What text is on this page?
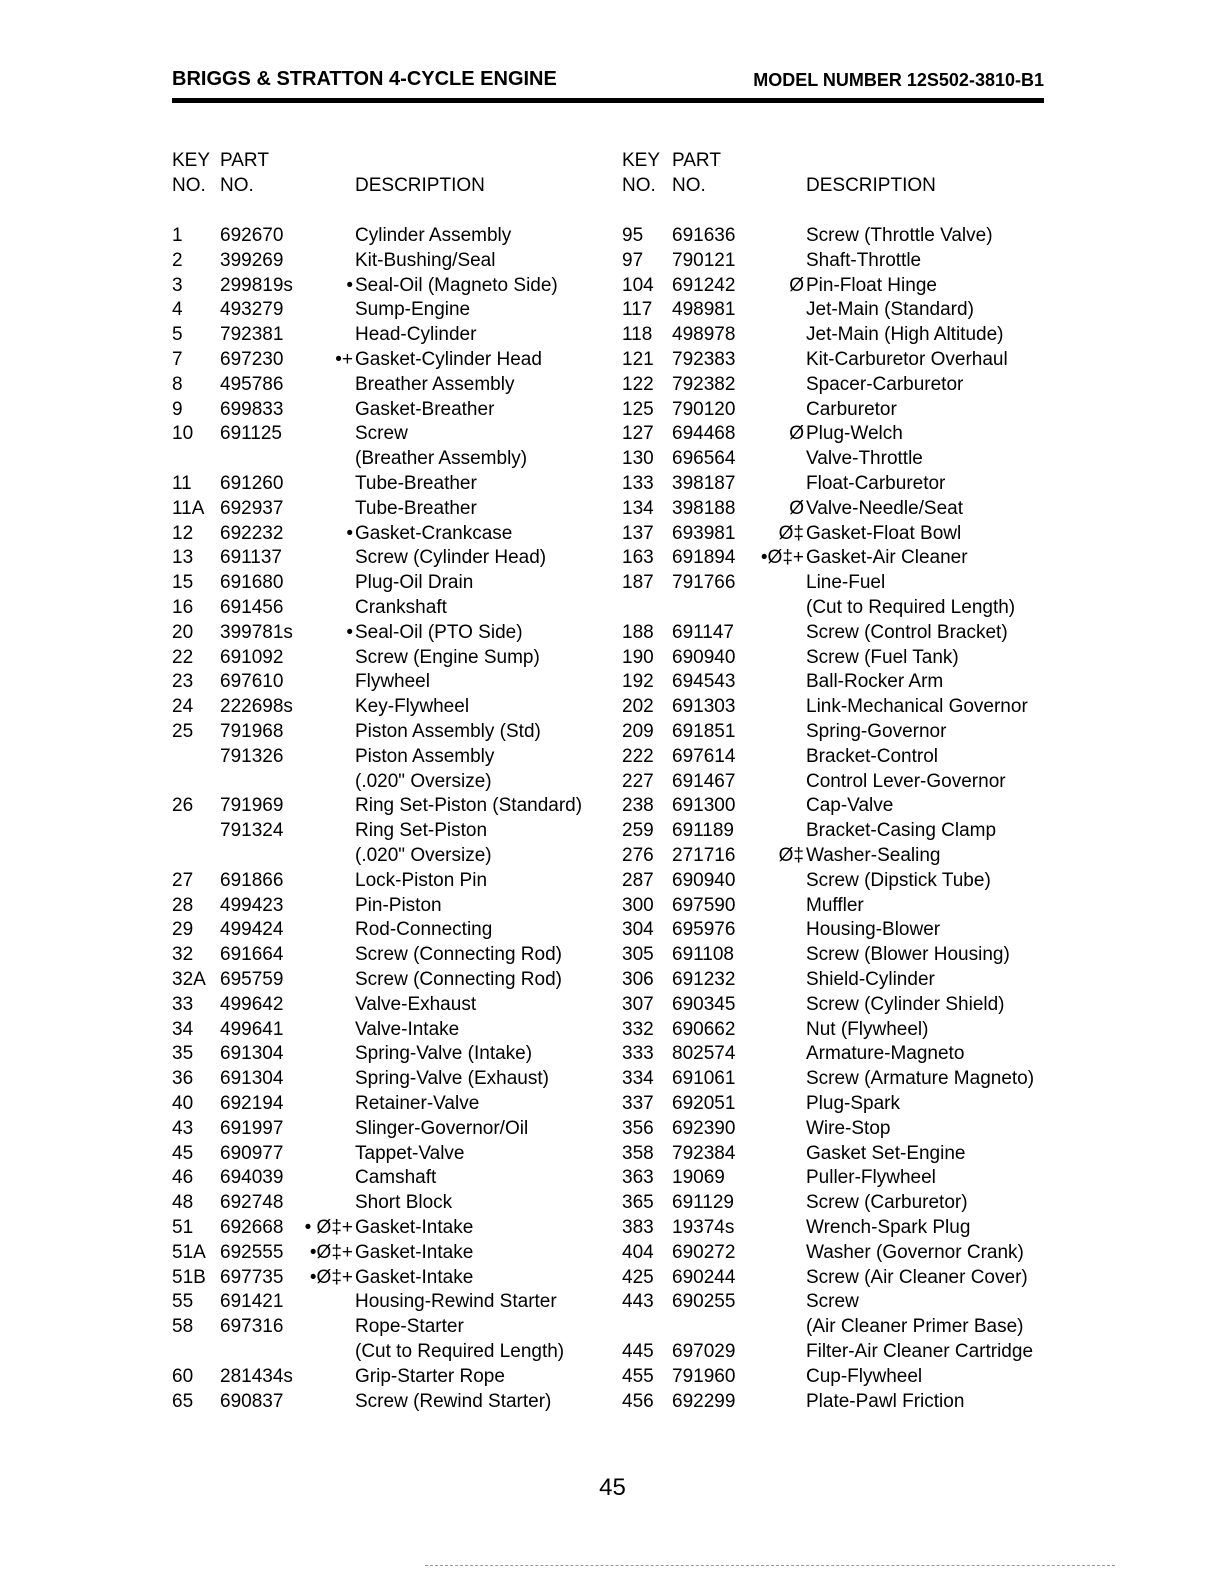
BRIGGS & STRATTON 4-CYCLE ENGINE	MODEL NUMBER 12S502-3810-B1
KEY
NO.
PART
NO.	DESCRIPTION
1 692670	Cylinder Assembly
2 399269	Kit-Bushing/Seal
3 299819s	• Seal-Oil (Magneto Side)
4 493279	Sump-Engine
5 792381	Head-Cylinder
7 697230	•+ Gasket-Cylinder Head
8 495786	Breather Assembly
9 699833	Gasket-Breather
10 691125	Screw
(Breather Assembly)
11 691260	Tube-Breather
11A 692937	Tube-Breather
12 692232	• Gasket-Crankcase
13 691137	Screw (Cylinder Head)
15 691680	Plug-Oil Drain
16 691456	Crankshaft
20 399781s	• Seal-Oil (PTO Side)
22 691092	Screw (Engine Sump)
23 697610	Flywheel
24 222698s	Key-Flywheel
25 791968	Piston Assembly (Std)
791326	Piston Assembly
(.020" Oversize)
26 791969	Ring Set-Piston (Standard)
791324	Ring Set-Piston
(.020" Oversize)
27 691866	Lock-Piston Pin
28 499423	Pin-Piston
29 499424	Rod-Connecting
32 691664	Screw (Connecting Rod)
32A 695759	Screw (Connecting Rod)
33 499642	Valve-Exhaust
34 499641	Valve-Intake
35 691304	Spring-Valve (Intake)
36 691304	Spring-Valve (Exhaust)
40 692194	Retainer-Valve
43 691997	Slinger-Governor/Oil
45 690977	Tappet-Valve
46 694039	Camshaft
48 692748	Short Block
51 692668	• Ø‡+ Gasket-Intake
51A 692555	•Ø‡+ Gasket-Intake
51B 697735	•Ø‡+ Gasket-Intake
55 691421	Housing-Rewind Starter
58 697316	Rope-Starter
(Cut to Required Length)
60 281434s	Grip-Starter Rope
65 690837	Screw (Rewind Starter)
KEY
NO.
PART
NO.	DESCRIPTION
95 691636	Screw (Throttle Valve)
97 790121	Shaft-Throttle
104 691242	Ø Pin-Float Hinge
117 498981	Jet-Main (Standard)
118 498978	Jet-Main (High Altitude)
121 792383	Kit-Carburetor Overhaul
122 792382	Spacer-Carburetor
125 790120	Carburetor
127 694468	Ø Plug-Welch
130 696564	Valve-Throttle
133 398187	Float-Carburetor
134 398188	Ø Valve-Needle/Seat
137 693981	Ø‡ Gasket-Float Bowl
163 691894	•Ø‡+ Gasket-Air Cleaner
187 791766	Line-Fuel
(Cut to Required Length)
188 691147	Screw (Control Bracket)
190 690940	Screw (Fuel Tank)
192 694543	Ball-Rocker Arm
202 691303	Link-Mechanical Governor
209 691851	Spring-Governor
222 697614	Bracket-Control
227 691467	Control Lever-Governor
238 691300	Cap-Valve
259 691189	Bracket-Casing Clamp
276 271716	Ø‡ Washer-Sealing
287 690940	Screw (Dipstick Tube)
300 697590	Muffler
304 695976	Housing-Blower
305 691108	Screw (Blower Housing)
306 691232	Shield-Cylinder
307 690345	Screw (Cylinder Shield)
332 690662	Nut (Flywheel)
333 802574	Armature-Magneto
334 691061	Screw (Armature Magneto)
337 692051	Plug-Spark
356 692390	Wire-Stop
358 792384	Gasket Set-Engine
363 19069	Puller-Flywheel
365 691129	Screw (Carburetor)
383 19374s	Wrench-Spark Plug
404 690272	Washer (Governor Crank)
425 690244	Screw (Air Cleaner Cover)
443 690255	Screw
(Air Cleaner Primer Base)
445 697029	Filter-Air Cleaner Cartridge
455 791960	Cup-Flywheel
456 692299	Plate-Pawl Friction
45
